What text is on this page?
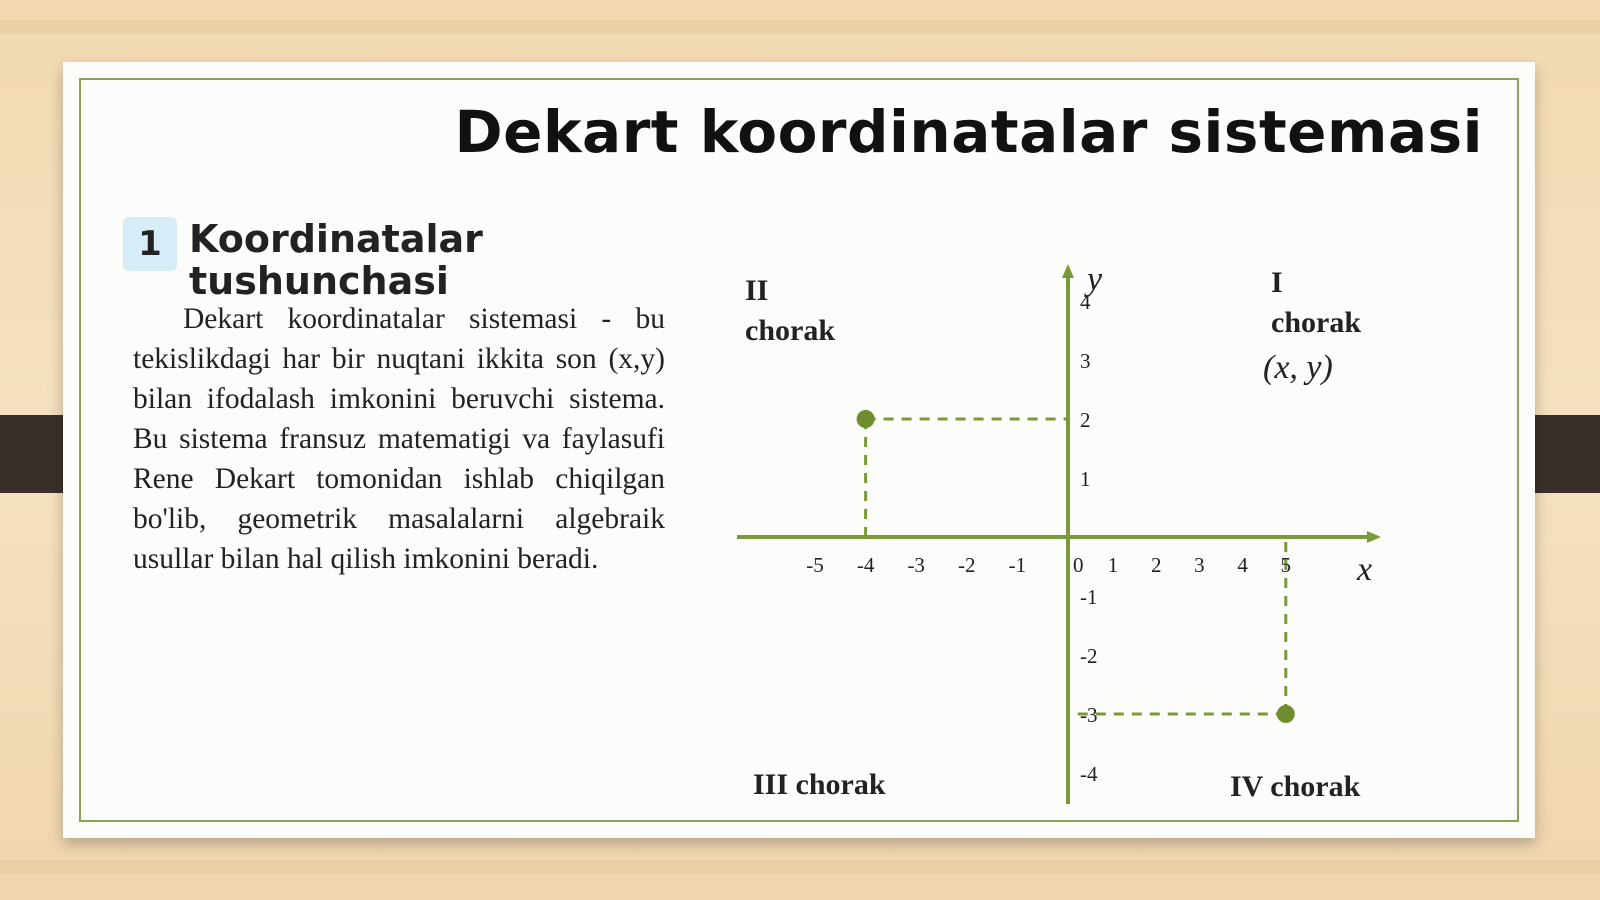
Dekart koordinatalar sistemasi
1 Koordinatalar
tushunchasi
Dekart koordinatalar sistemasi - bu tekislikdagi har bir nuqtani ikkita son (x,y) bilan ifodalash imkonini beruvchi sistema. Bu sistema fransuz matematigi va faylasufi Rene Dekart tomonidan ishlab chiqilgan bo'lib, geometrik masalalarni algebraik usullar bilan hal qilish imkonini beradi.	-5 -4 -3 -2 -1	1 2 3 4 5
4
3
2
1
-1
-2
-3
-4
0	x
y	I
chorak
(x, y)
II
chorak
III chorak	IV chorak
